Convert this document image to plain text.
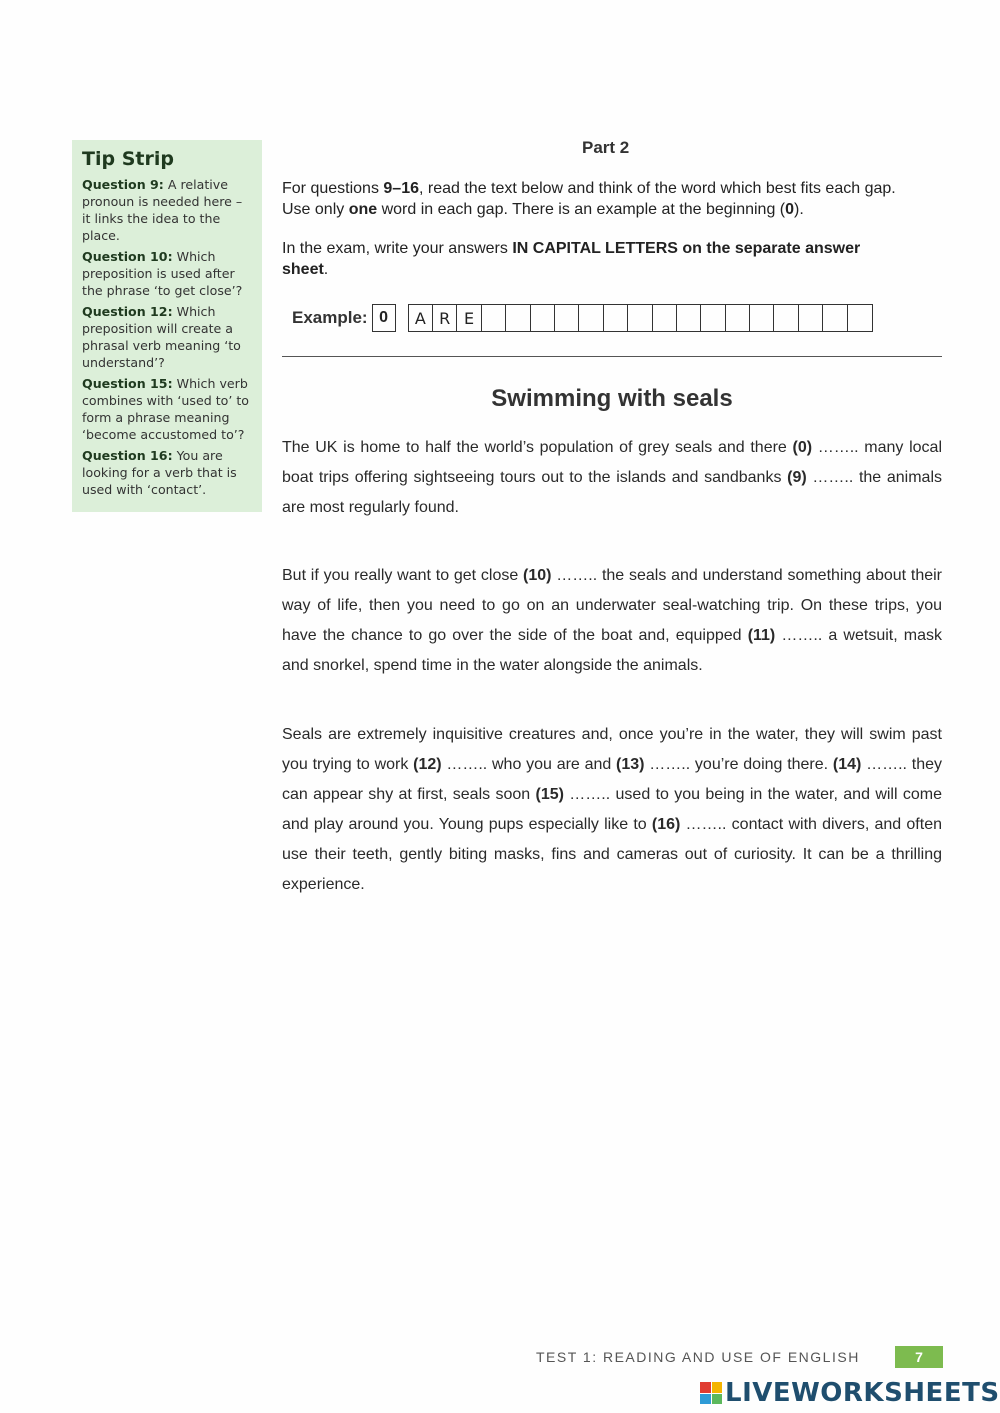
Tip Strip
Question 9: A relative pronoun is needed here – it links the idea to the place.
Question 10: Which preposition is used after the phrase ‘to get close’?
Question 12: Which preposition will create a phrasal verb meaning ‘to understand’?
Question 15: Which verb combines with ‘used to’ to form a phrase meaning ‘become accustomed to’?
Question 16: You are looking for a verb that is used with ‘contact’.
Part 2

For questions 9–16, read the text below and think of the word which best fits each gap. Use only one word in each gap. There is an example at the beginning (0).

In the exam, write your answers IN CAPITAL LETTERS on the separate answer sheet.

Example: 0	A R E
Swimming with seals

The UK is home to half the world’s population of grey seals and there (0) …….. many local boat trips offering sightseeing tours out to the islands and sandbanks (9) …….. the animals are most regularly found.

But if you really want to get close (10) …….. the seals and understand something about their way of life, then you need to go on an underwater seal-watching trip. On these trips, you have the chance to go over the side of the boat and, equipped (11) …….. a wetsuit, mask and snorkel, spend time in the water alongside the animals.

Seals are extremely inquisitive creatures and, once you’re in the water, they will swim past you trying to work (12) …….. who you are and (13) …….. you’re doing there. (14) …….. they can appear shy at first, seals soon (15) …….. used to you being in the water, and will come and play around you. Young pups especially like to (16) …….. contact with divers, and often use their teeth, gently biting masks, fins and cameras out of curiosity. It can be a thrilling experience.

TEST 1: READING AND USE OF ENGLISH	7
LIVEWORKSHEETS
